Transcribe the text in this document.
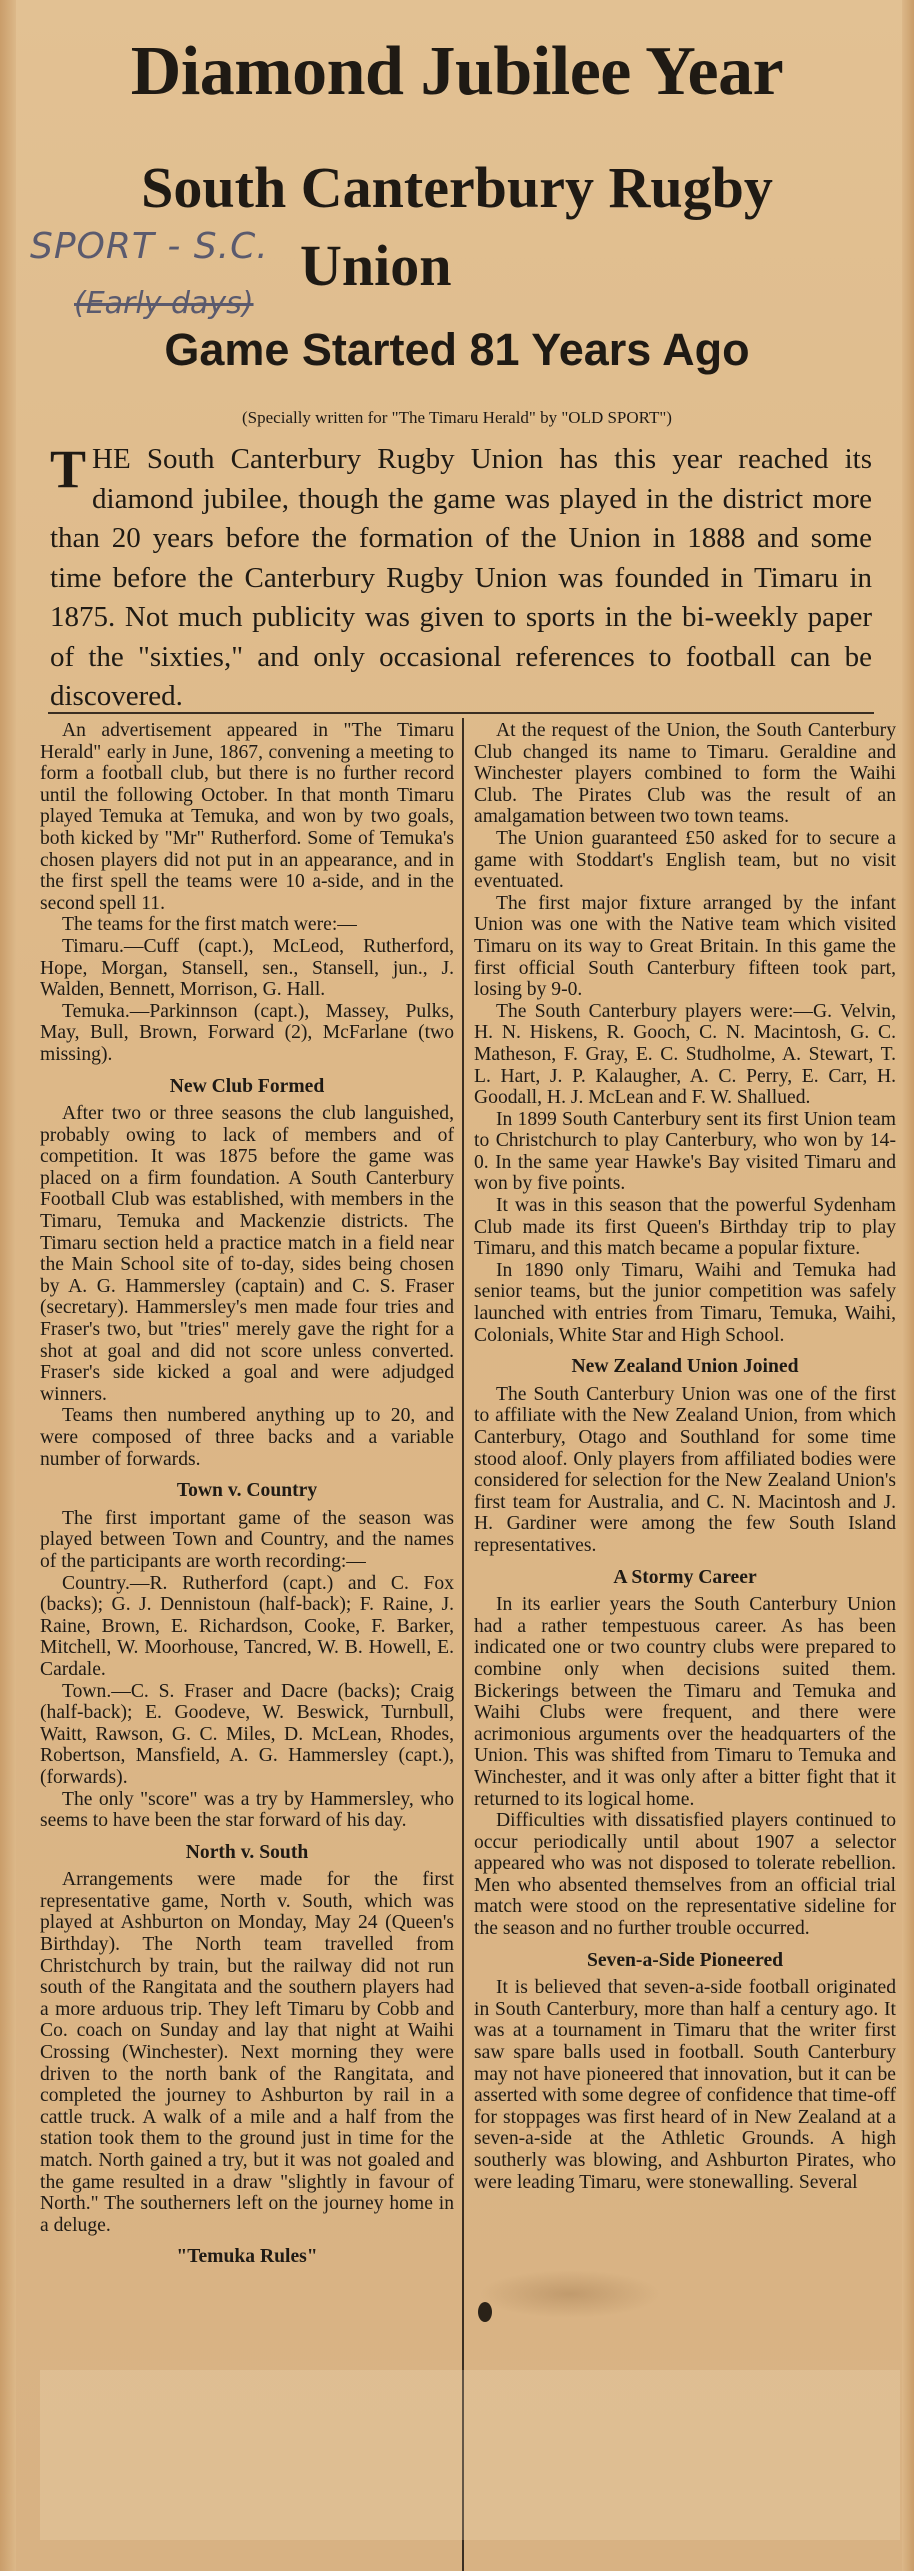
Diamond Jubilee Year
South Canterbury Rugby
SPORT - S.C. Union
(Early days)
Game Started 81 Years Ago
(Specially written for "The Timaru Herald" by "OLD SPORT")
THE South Canterbury Rugby Union has this year reached its diamond jubilee, though the game was played in the district more than 20 years before the formation of the Union in 1888 and some time before the Canterbury Rugby Union was founded in Timaru in 1875. Not much publicity was given to sports in the bi-weekly paper of the "sixties," and only occasional references to football can be discovered.

An advertisement appeared in "The Timaru Herald" early in June, 1867, convening a meeting to form a football club, but there is no further record until the following October. In that month Timaru played Temuka at Temuka, and won by two goals, both kicked by "Mr" Rutherford. Some of Temuka's chosen players did not put in an appearance, and in the first spell the teams were 10 a-side, and in the second spell 11.

The teams for the first match were:—

Timaru.—Cuff (capt.), McLeod, Rutherford, Hope, Morgan, Stansell, sen., Stansell, jun., J. Walden, Bennett, Morrison, G. Hall.

Temuka.—Parkinnson (capt.), Massey, Pulks, May, Bull, Brown, Forward (2), McFarlane (two missing).

New Club Formed

After two or three seasons the club languished, probably owing to lack of members and of competition. It was 1875 before the game was placed on a firm foundation. A South Canterbury Football Club was established, with members in the Timaru, Temuka and Mackenzie districts. The Timaru section held a practice match in a field near the Main School site of to-day, sides being chosen by A. G. Hammersley (captain) and C. S. Fraser (secretary). Hammersley's men made four tries and Fraser's two, but "tries" merely gave the right for a shot at goal and did not score unless converted. Fraser's side kicked a goal and were adjudged winners.

Teams then numbered anything up to 20, and were composed of three backs and a variable number of forwards.

Town v. Country

The first important game of the season was played between Town and Country, and the names of the participants are worth recording:—

Country.—R. Rutherford (capt.) and C. Fox (backs); G. J. Dennistoun (half-back); F. Raine, J. Raine, Brown, E. Richardson, Cooke, F. Barker, Mitchell, W. Moorhouse, Tancred, W. B. Howell, E. Cardale.

Town.—C. S. Fraser and Dacre (backs); Craig (half-back); E. Goodeve, W. Beswick, Turnbull, Waitt, Rawson, G. C. Miles, D. McLean, Rhodes, Robertson, Mansfield, A. G. Hammersley (capt.), (forwards).

The only "score" was a try by Hammersley, who seems to have been the star forward of his day.

North v. South

Arrangements were made for the first representative game, North v. South, which was played at Ashburton on Monday, May 24 (Queen's Birthday). The North team travelled from Christchurch by train, but the railway did not run south of the Rangitata and the southern players had a more arduous trip. They left Timaru by Cobb and Co. coach on Sunday and lay that night at Waihi Crossing (Winchester). Next morning they were driven to the north bank of the Rangitata, and completed the journey to Ashburton by rail in a cattle truck. A walk of a mile and a half from the station took them to the ground just in time for the match. North gained a try, but it was not goaled and the game resulted in a draw "slightly in favour of North." The southerners left on the journey home in a deluge.

"Temuka Rules"

At the request of the Union, the South Canterbury Club changed its name to Timaru. Geraldine and Winchester players combined to form the Waihi Club. The Pirates Club was the result of an amalgamation between two town teams.

The Union guaranteed £50 asked for to secure a game with Stoddart's English team, but no visit eventuated.

The first major fixture arranged by the infant Union was one with the Native team which visited Timaru on its way to Great Britain. In this game the first official South Canterbury fifteen took part, losing by 9-0.

The South Canterbury players were:—G. Velvin, H. N. Hiskens, R. Gooch, C. N. Macintosh, G. C. Matheson, F. Gray, E. C. Studholme, A. Stewart, T. L. Hart, J. P. Kalaugher, A. C. Perry, E. Carr, H. Goodall, H. J. McLean and F. W. Shallued.

In 1899 South Canterbury sent its first Union team to Christchurch to play Canterbury, who won by 14-0. In the same year Hawke's Bay visited Timaru and won by five points.

It was in this season that the powerful Sydenham Club made its first Queen's Birthday trip to play Timaru, and this match became a popular fixture.

In 1890 only Timaru, Waihi and Temuka had senior teams, but the junior competition was safely launched with entries from Timaru, Temuka, Waihi, Colonials, White Star and High School.

New Zealand Union Joined

The South Canterbury Union was one of the first to affiliate with the New Zealand Union, from which Canterbury, Otago and Southland for some time stood aloof. Only players from affiliated bodies were considered for selection for the New Zealand Union's first team for Australia, and C. N. Macintosh and J. H. Gardiner were among the few South Island representatives.

A Stormy Career

In its earlier years the South Canterbury Union had a rather tempestuous career. As has been indicated one or two country clubs were prepared to combine only when decisions suited them. Bickerings between the Timaru and Temuka and Waihi Clubs were frequent, and there were acrimonious arguments over the headquarters of the Union. This was shifted from Timaru to Temuka and Winchester, and it was only after a bitter fight that it returned to its logical home.

Difficulties with dissatisfied players continued to occur periodically until about 1907 a selector appeared who was not disposed to tolerate rebellion. Men who absented themselves from an official trial match were stood on the representative sideline for the season and no further trouble occurred.

Seven-a-Side Pioneered

It is believed that seven-a-side football originated in South Canterbury, more than half a century ago. It was at a tournament in Timaru that the writer first saw spare balls used in football. South Canterbury may not have pioneered that innovation, but it can be asserted with some degree of confidence that time-off for stoppages was first heard of in New Zealand at a seven-a-side at the Athletic Grounds. A high southerly was blowing, and Ashburton Pirates, who were leading Timaru, were stonewalling. Several
